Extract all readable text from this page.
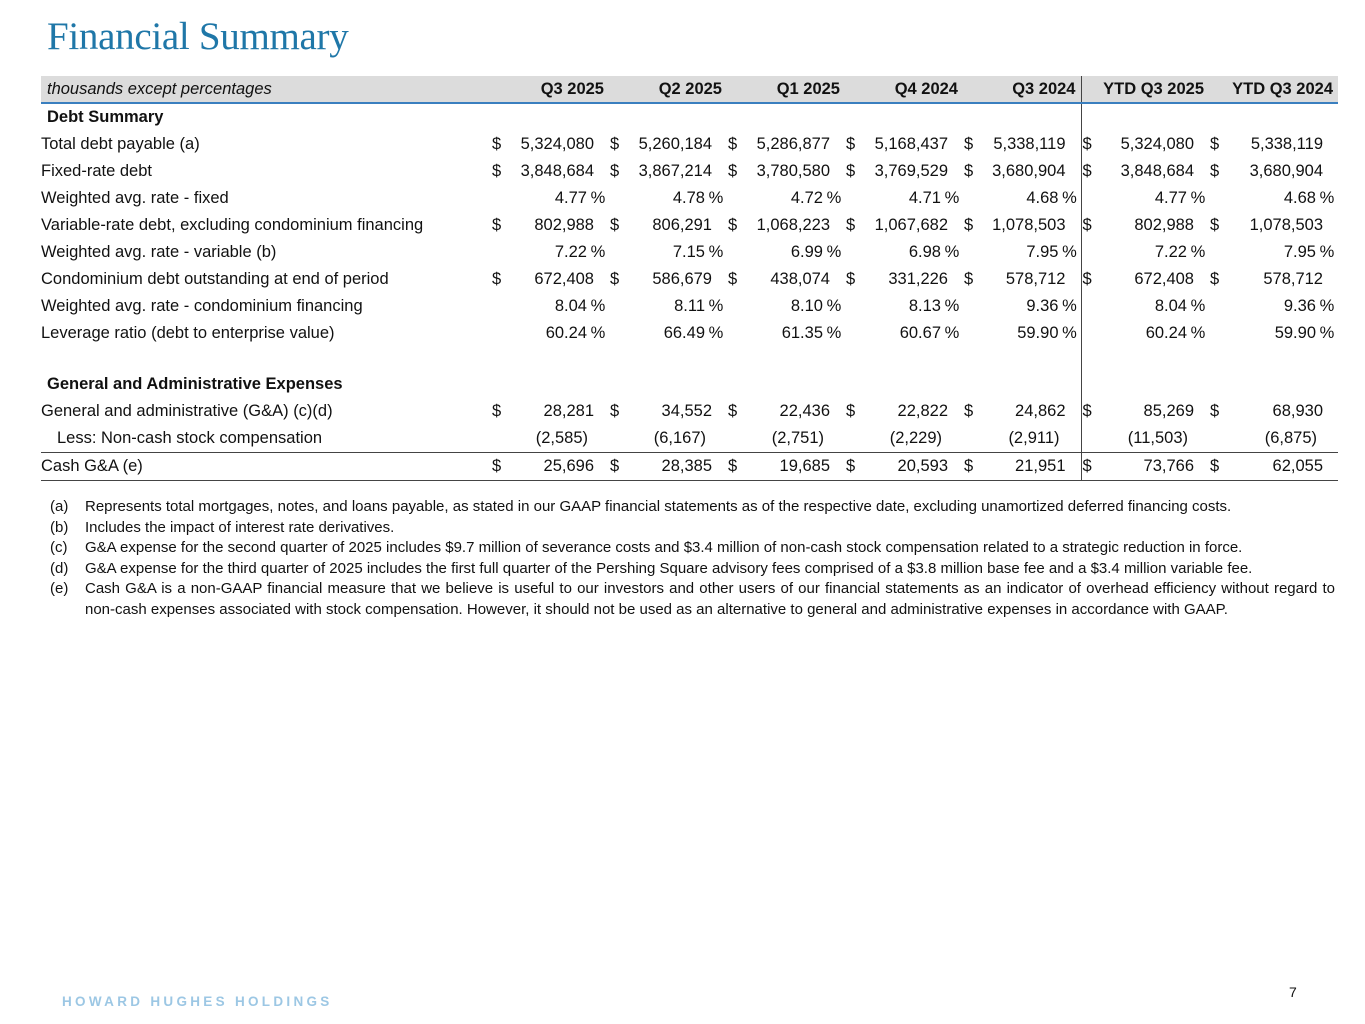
Financial Summary
thousands except percentages	Q3 2025	Q2 2025	Q1 2025	Q4 2024	Q3 2024	YTD Q3 2025	YTD Q3 2024
Debt Summary							
Total debt payable (a)	$ 5,324,080	$ 5,260,184	$ 5,286,877	$ 5,168,437	$ 5,338,119	$ 5,324,080	$ 5,338,119

Fixed-rate debt	$ 3,848,684	$ 3,867,214	$ 3,780,580	$ 3,769,529	$ 3,680,904	$ 3,848,684	$ 3,680,904

Weighted avg. rate - fixed	4.77 %	4.78 %	4.72 %	4.71 %	4.68 %	4.77 %	4.68 %

Variable-rate debt, excluding condominium financing	$ 802,988	$ 806,291	$ 1,068,223	$ 1,067,682	$ 1,078,503	$ 802,988	$ 1,078,503

Weighted avg. rate - variable (b)	7.22 %	7.15 %	6.99 %	6.98 %	7.95 %	7.22 %	7.95 %

Condominium debt outstanding at end of period	$ 672,408	$ 586,679	$ 438,074	$ 331,226	$ 578,712	$ 672,408	$ 578,712

Weighted avg. rate - condominium financing	8.04 %	8.11 %	8.10 %	8.13 %	9.36 %	8.04 %	9.36 %

Leverage ratio (debt to enterprise value)	60.24 %	66.49 %	61.35 %	60.67 %	59.90 %	60.24 %	59.90 %

General and Administrative Expenses							
General and administrative (G&A) (c)(d)	$ 28,281	$ 34,552	$ 22,436	$ 22,822	$ 24,862	$ 85,269	$ 68,930

Less: Non-cash stock compensation	(2,585)	(6,167)	(2,751)	(2,229)	(2,911)	(11,503)	(6,875)

Cash G&A (e)	$ 25,696	$ 28,385	$ 19,685	$ 20,593	$ 21,951	$ 73,766	$ 62,055
(a)	Represents total mortgages, notes, and loans payable, as stated in our GAAP financial statements as of the respective date, excluding unamortized deferred financing costs.
(b)	Includes the impact of interest rate derivatives.
(c)	G&A expense for the second quarter of 2025 includes $9.7 million of severance costs and $3.4 million of non-cash stock compensation related to a strategic reduction in force.
(d)	G&A expense for the third quarter of 2025 includes the first full quarter of the Pershing Square advisory fees comprised of a $3.8 million base fee and a $3.4 million variable fee.
(e)	Cash G&A is a non-GAAP financial measure that we believe is useful to our investors and other users of our financial statements as an indicator of overhead efficiency without regard to non-cash expenses associated with stock compensation. However, it should not be used as an alternative to general and administrative expenses in accordance with GAAP.
HOWARD HUGHES HOLDINGS
7
